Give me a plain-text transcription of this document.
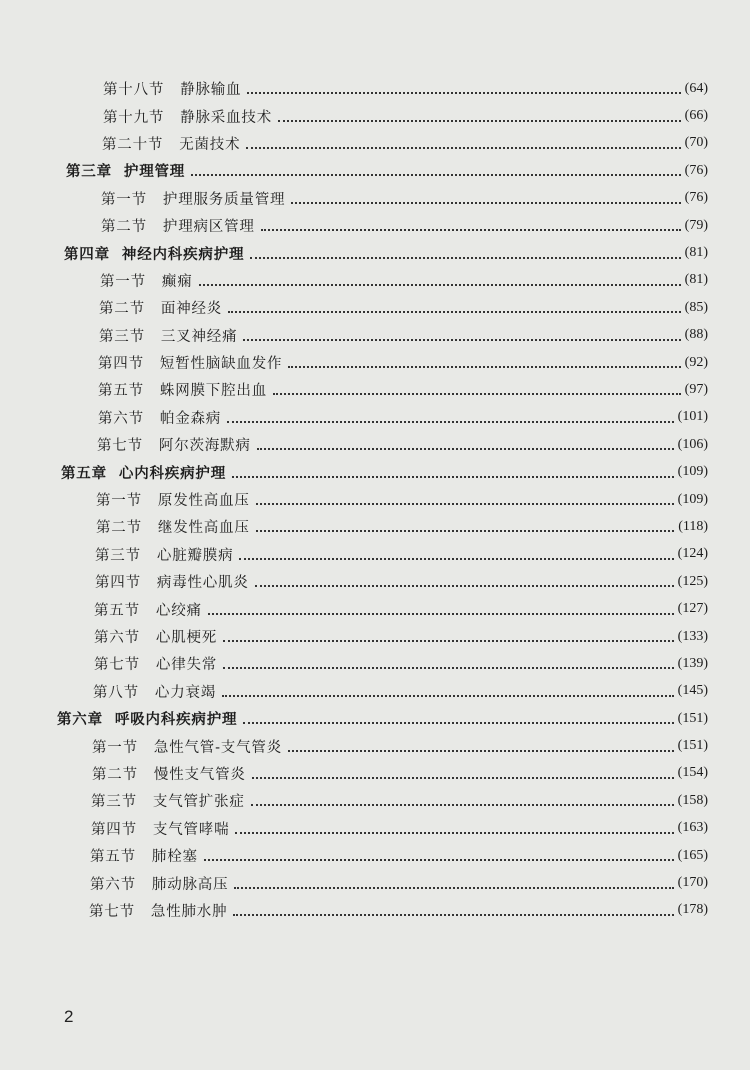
第十八节 静脉输血	(64)
第十九节 静脉采血技术	(66)
第二十节 无菌技术	(70)
第三章 护理管理	(76)
第一节 护理服务质量管理	(76)
第二节 护理病区管理	(79)
第四章 神经内科疾病护理	(81)
第一节 癫痫	(81)
第二节 面神经炎	(85)
第三节 三叉神经痛	(88)
第四节 短暂性脑缺血发作	(92)
第五节 蛛网膜下腔出血	(97)
第六节 帕金森病	(101)
第七节 阿尔茨海默病	(106)
第五章 心内科疾病护理	(109)
第一节 原发性高血压	(109)
第二节 继发性高血压	(118)
第三节 心脏瓣膜病	(124)
第四节 病毒性心肌炎	(125)
第五节 心绞痛	(127)
第六节 心肌梗死	(133)
第七节 心律失常	(139)
第八节 心力衰竭	(145)
第六章 呼吸内科疾病护理	(151)
第一节 急性气管-支气管炎	(151)
第二节 慢性支气管炎	(154)
第三节 支气管扩张症	(158)
第四节 支气管哮喘	(163)
第五节 肺栓塞	(165)
第六节 肺动脉高压	(170)
第七节 急性肺水肿	(178)
2
